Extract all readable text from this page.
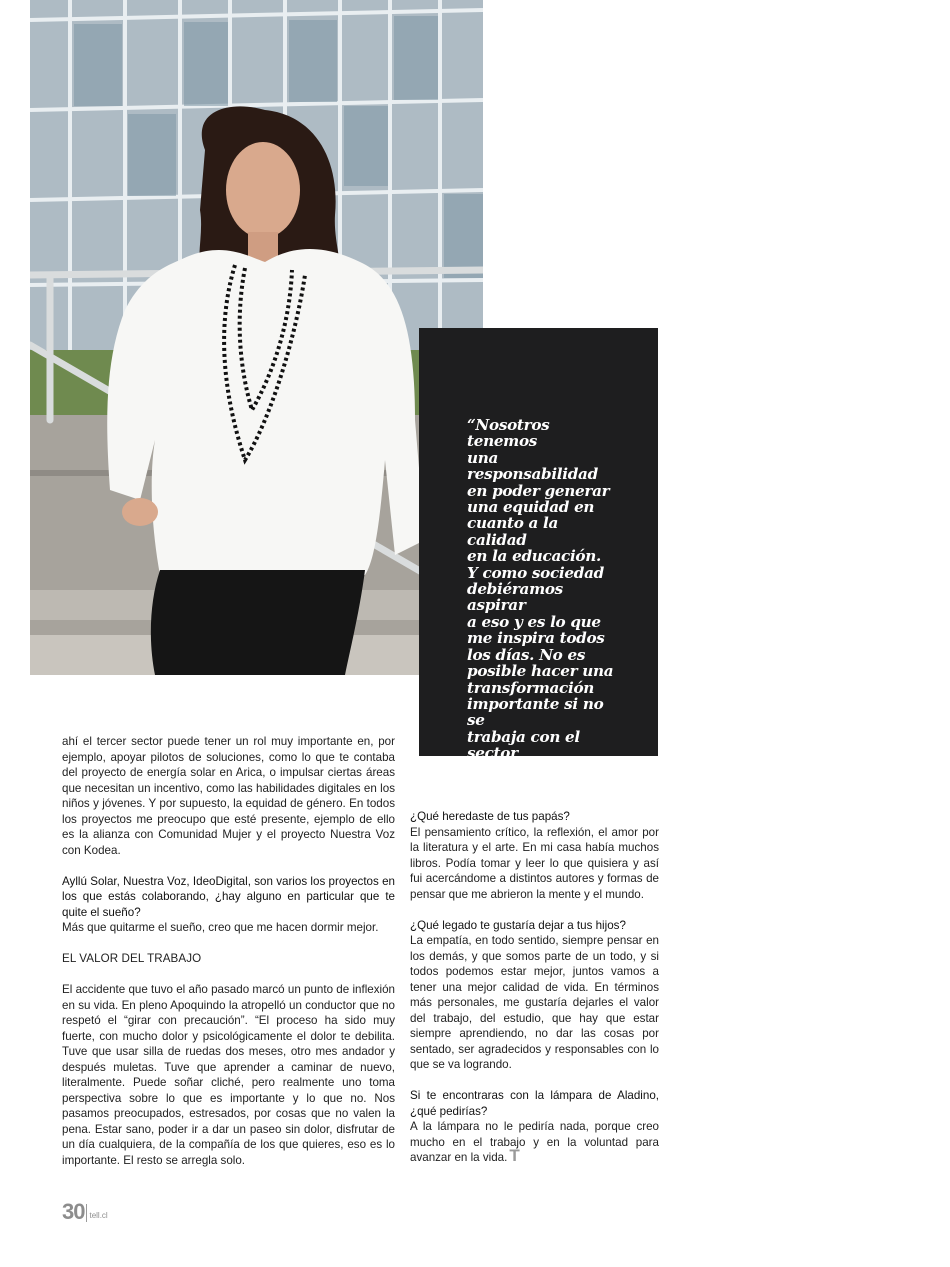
“Nosotros tenemos
una responsabilidad
en poder generar
una equidad en
cuanto a la calidad
en la educación.
Y como sociedad
debiéramos aspirar
a eso y es lo que
me inspira todos
los días. No es
posible hacer una
transformación
importante si no se
trabaja con el sector
público”.

ahí el tercer sector puede tener un rol muy importante en, por ejemplo, apoyar pilotos de soluciones, como lo que te contaba del proyecto de energía solar en Arica, o impulsar ciertas áreas que necesitan un incentivo, como las habilidades digitales en los niños y jóvenes. Y por supuesto, la equidad de género. En todos los proyectos me preocupo que esté presente, ejemplo de ello es la alianza con Comunidad Mujer y el proyecto Nuestra Voz con Kodea.

Ayllú Solar, Nuestra Voz, IdeoDigital, son varios los proyectos en los que estás colaborando, ¿hay alguno en particular que te quite el sueño?

Más que quitarme el sueño, creo que me hacen dormir mejor.

EL VALOR DEL TRABAJO

El accidente que tuvo el año pasado marcó un punto de inflexión en su vida. En pleno Apoquindo la atropelló un conductor que no respetó el “girar con precaución”. “El proceso ha sido muy fuerte, con mucho dolor y psicológicamente el dolor te debilita. Tuve que usar silla de ruedas dos meses, otro mes andador y después muletas. Tuve que aprender a caminar de nuevo, literalmente. Puede soñar cliché, pero realmente uno toma perspectiva sobre lo que es importante y lo que no. Nos pasamos preocupados, estresados, por cosas que no valen la pena. Estar sano, poder ir a dar un paseo sin dolor, disfrutar de un día cualquiera, de la compañía de los que quieres, eso es lo importante. El resto se arregla solo.

¿Qué heredaste de tus papás?

El pensamiento crítico, la reflexión, el amor por la literatura y el arte. En mi casa había muchos libros. Podía tomar y leer lo que quisiera y así fui acercándome a distintos autores y formas de pensar que me abrieron la mente y el mundo.

¿Qué legado te gustaría dejar a tus hijos?

La empatía, en todo sentido, siempre pensar en los demás, y que somos parte de un todo, y si todos podemos estar mejor, juntos vamos a tener una mejor calidad de vida. En términos más personales, me gustaría dejarles el valor del trabajo, del estudio, que hay que estar siempre aprendiendo, no dar las cosas por sentado, ser agradecidos y responsables con lo que se va logrando.

Si te encontraras con la lámpara de Aladino, ¿qué pedirías?

A la lámpara no le pediría nada, porque creo mucho en el trabajo y en la voluntad para avanzar en la vida. T

30 tell.cl
